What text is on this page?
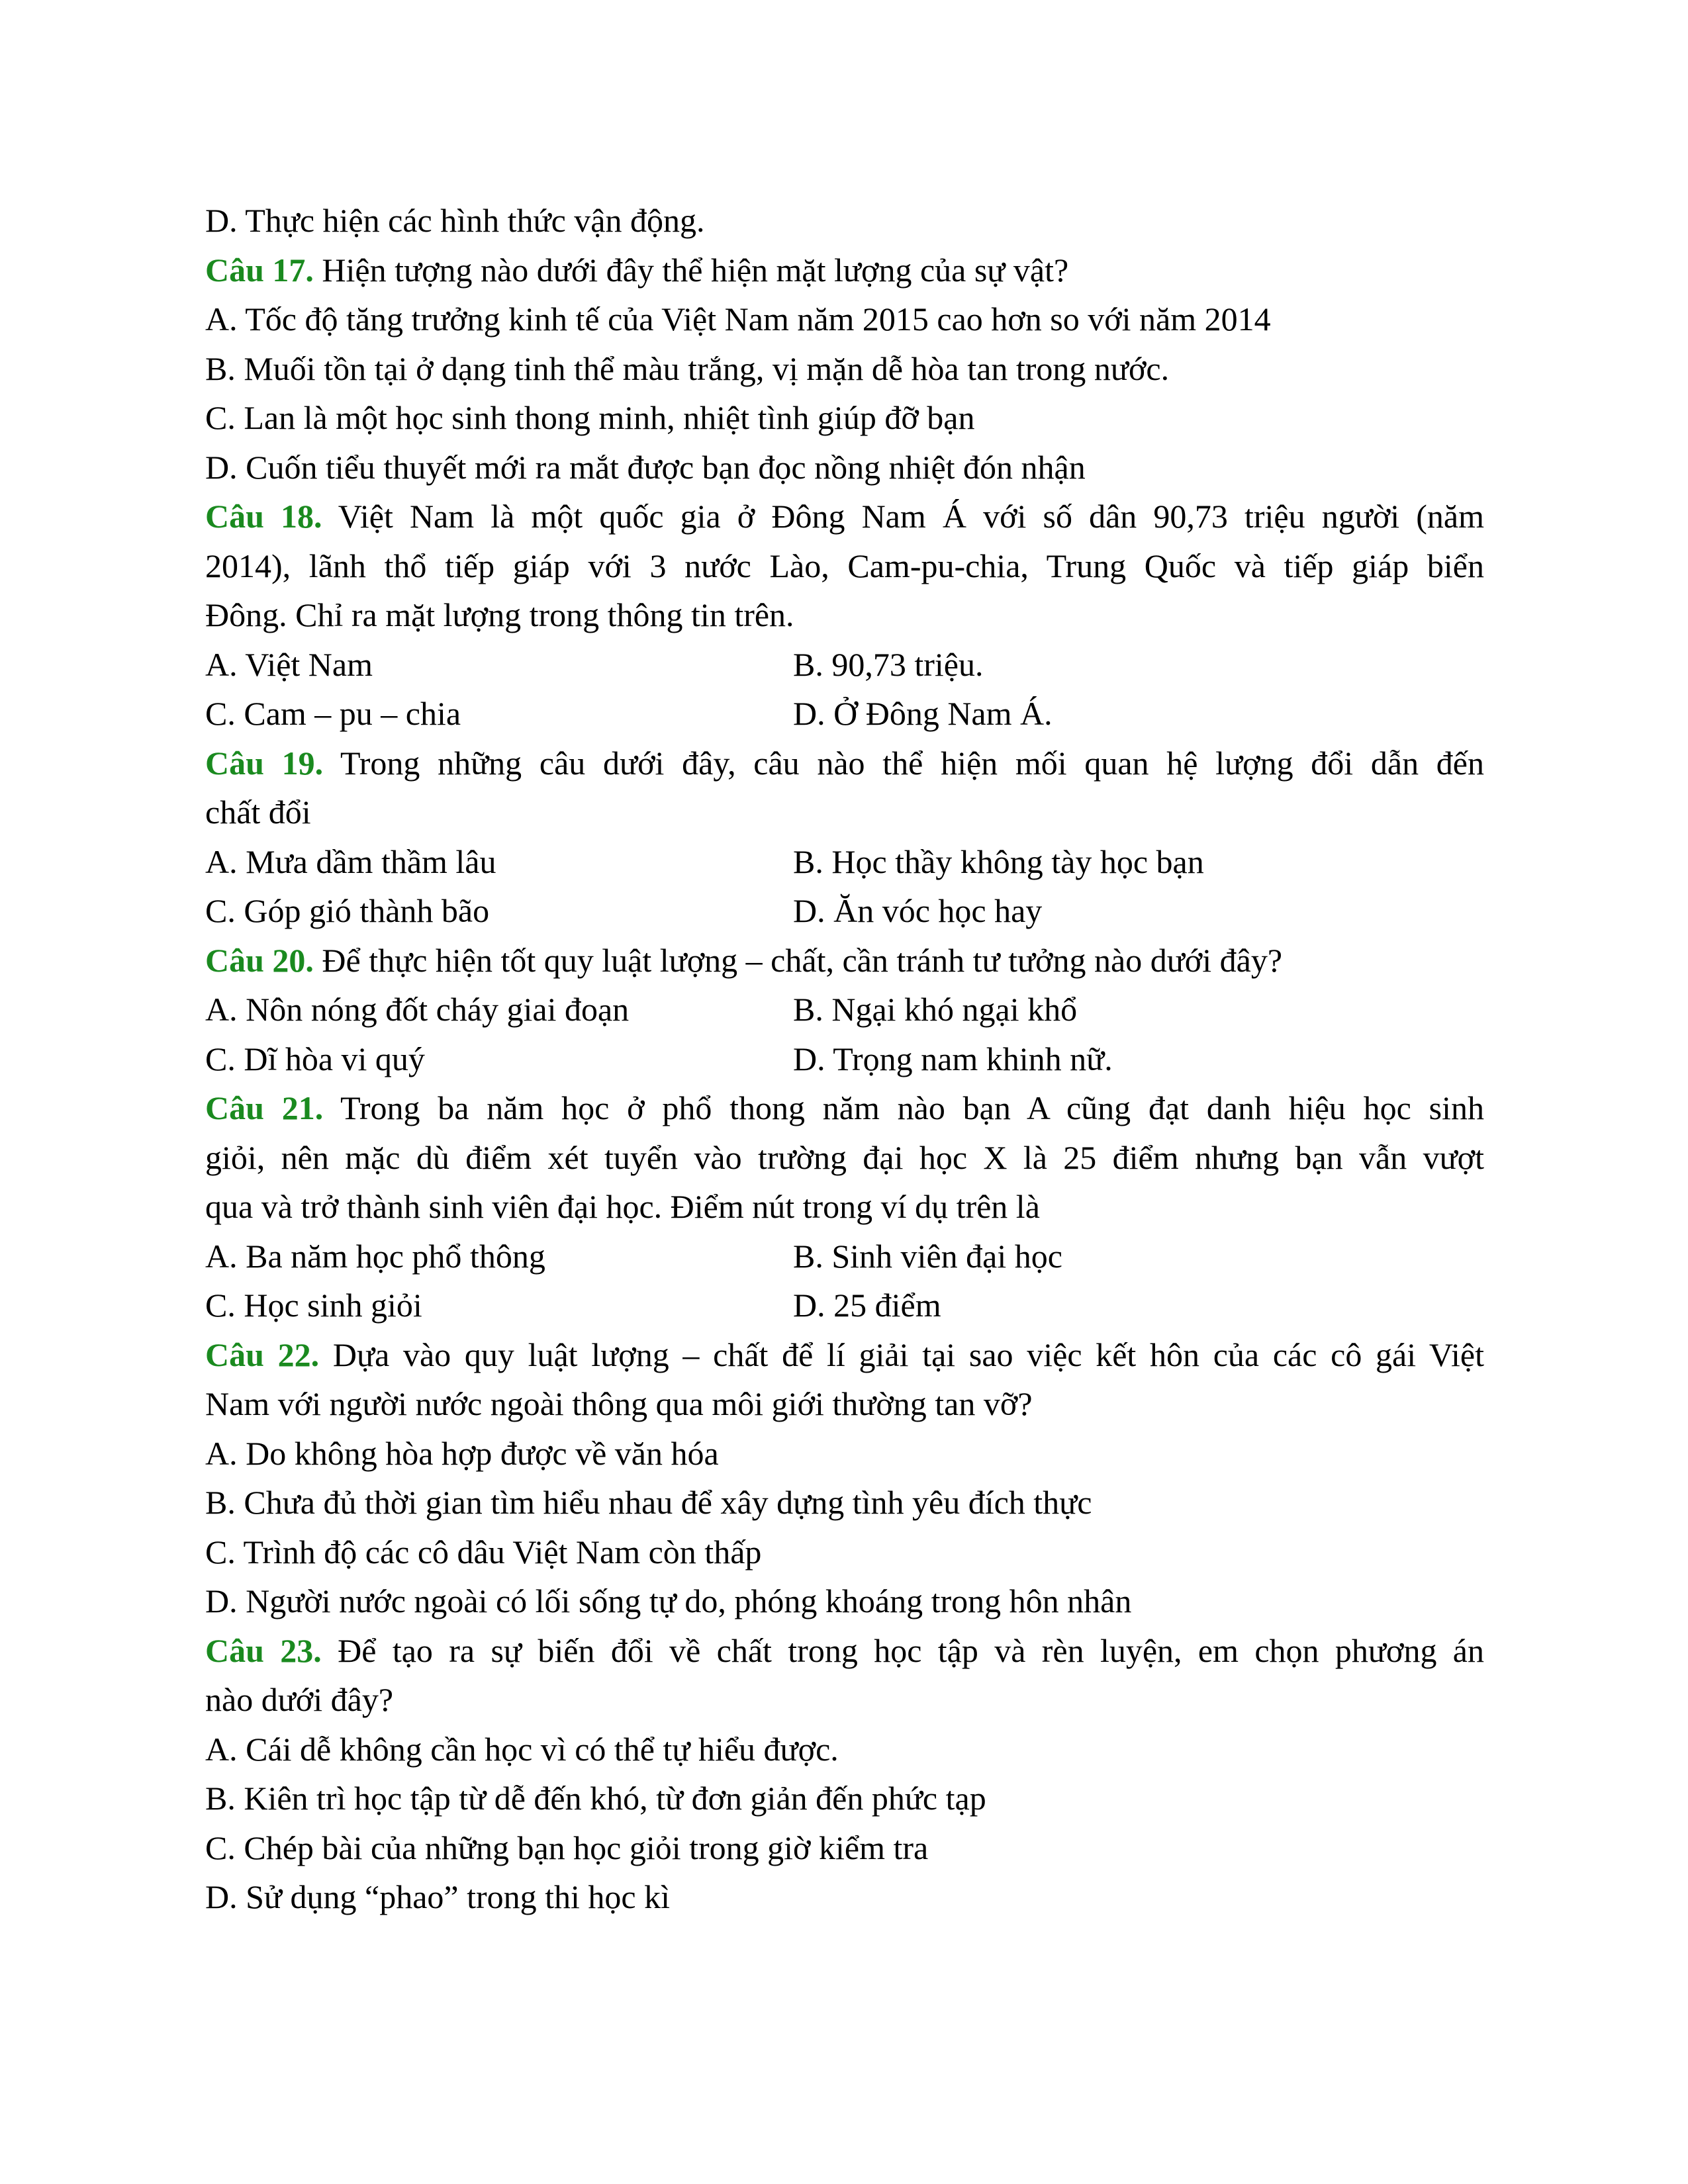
D. Thực hiện các hình thức vận động.
Câu 17. Hiện tượng nào dưới đây thể hiện mặt lượng của sự vật?
A. Tốc độ tăng trưởng kinh tế của Việt Nam năm 2015 cao hơn so với năm 2014
B. Muối tồn tại ở dạng tinh thể màu trắng, vị mặn dễ hòa tan trong nước.
C. Lan là một học sinh thong minh, nhiệt tình giúp đỡ bạn
D. Cuốn tiểu thuyết mới ra mắt được bạn đọc nồng nhiệt đón nhận
Câu 18. Việt Nam là một quốc gia ở Đông Nam Á với số dân 90,73 triệu người (năm
2014), lãnh thổ tiếp giáp với 3 nước Lào, Cam-pu-chia, Trung Quốc và tiếp giáp biển
Đông. Chỉ ra mặt lượng trong thông tin trên.
A. Việt Nam	B. 90,73 triệu.
C. Cam – pu – chia	D. Ở Đông Nam Á.
Câu 19. Trong những câu dưới đây, câu nào thể hiện mối quan hệ lượng đổi dẫn đến
chất đổi
A. Mưa dầm thầm lâu	B. Học thầy không tày học bạn
C. Góp gió thành bão	D. Ăn vóc học hay
Câu 20. Để thực hiện tốt quy luật lượng – chất, cần tránh tư tưởng nào dưới đây?
A. Nôn nóng đốt cháy giai đoạn	B. Ngại khó ngại khổ
C. Dĩ hòa vi quý	D. Trọng nam khinh nữ.
Câu 21. Trong ba năm học ở phổ thong năm nào bạn A cũng đạt danh hiệu học sinh
giỏi, nên mặc dù điểm xét tuyển vào trường đại học X là 25 điểm nhưng bạn vẫn vượt
qua và trở thành sinh viên đại học. Điểm nút trong ví dụ trên là
A. Ba năm học phổ thông	B. Sinh viên đại học
C. Học sinh giỏi	D. 25 điểm
Câu 22. Dựa vào quy luật lượng – chất để lí giải tại sao việc kết hôn của các cô gái Việt
Nam với người nước ngoài thông qua môi giới thường tan vỡ?
A. Do không hòa hợp được về văn hóa
B. Chưa đủ thời gian tìm hiểu nhau để xây dựng tình yêu đích thực
C. Trình độ các cô dâu Việt Nam còn thấp
D. Người nước ngoài có lối sống tự do, phóng khoáng trong hôn nhân
Câu 23. Để tạo ra sự biến đổi về chất trong học tập và rèn luyện, em chọn phương án
nào dưới đây?
A. Cái dễ không cần học vì có thể tự hiểu được.
B. Kiên trì học tập từ dễ đến khó, từ đơn giản đến phức tạp
C. Chép bài của những bạn học giỏi trong giờ kiểm tra
D. Sử dụng “phao” trong thi học kì
